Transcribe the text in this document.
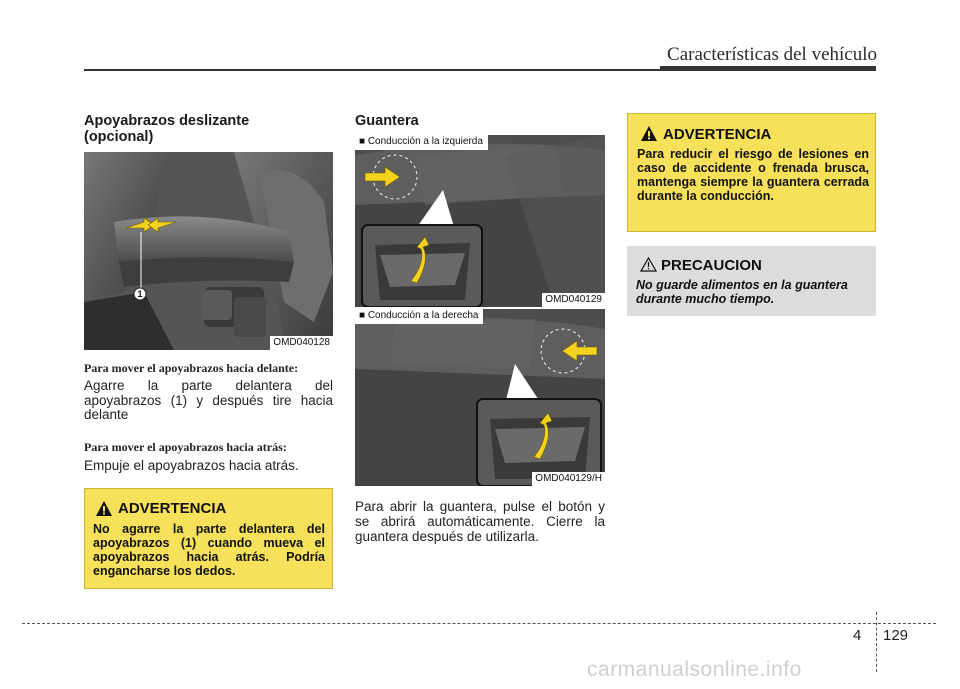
Características del vehículo
Apoyabrazos deslizante (opcional)
1
OMD040128
Para mover el apoyabrazos hacia delante:
Agarre la parte delantera del apoyabrazos (1) y después tire hacia delante
Para mover el apoyabrazos hacia atrás:
Empuje el apoyabrazos hacia atrás.
ADVERTENCIA
No agarre la parte delantera del apoyabrazos (1) cuando mueva el apoyabrazos hacia atrás. Podría engancharse los dedos.
Guantera
■ Conducción a la izquierda
OMD040129
■ Conducción a la derecha
OMD040129/H
Para abrir la guantera, pulse el botón y se abrirá automáticamente. Cierre la guantera después de utilizarla.
ADVERTENCIA
Para reducir el riesgo de lesiones en caso de accidente o frenada brusca, mantenga siempre la guantera cerrada durante la conducción.
PRECAUCION
No guarde alimentos en la guantera durante mucho tiempo.
4 129
carmanualsonline.info
